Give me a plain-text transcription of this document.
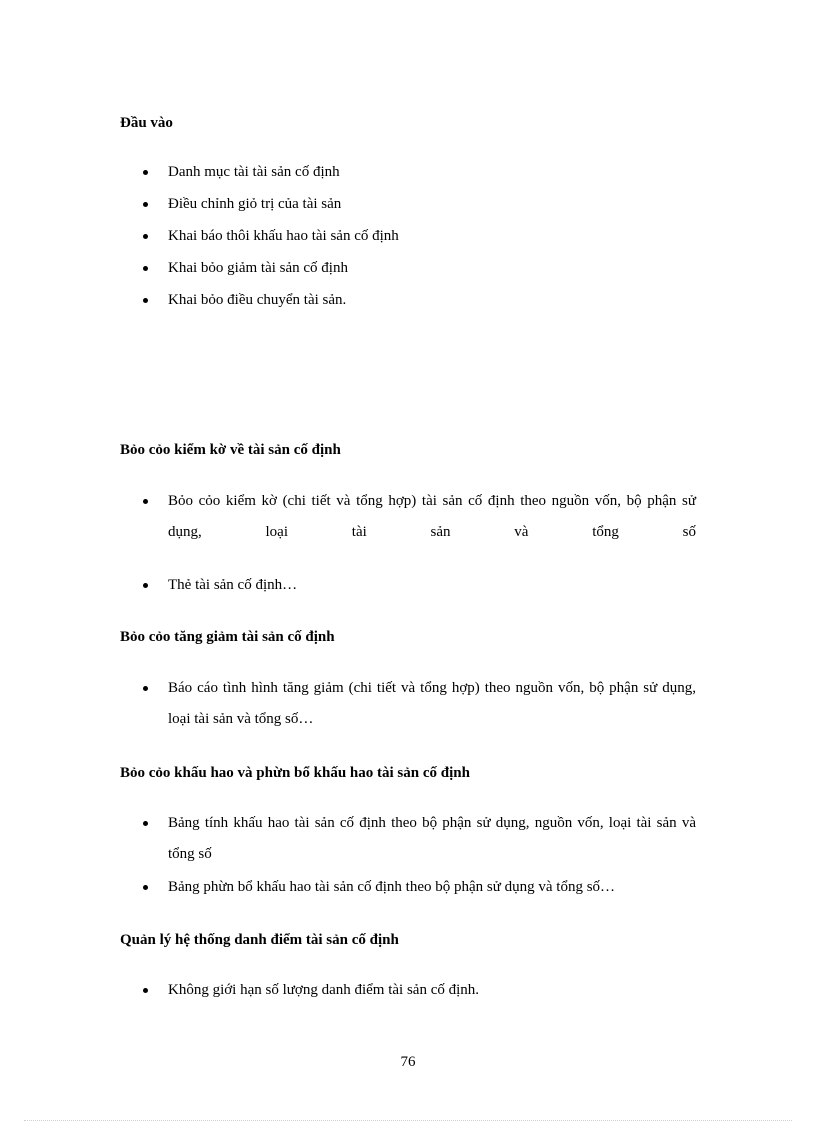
Đầu vào
Danh mục tài tài sản cố định
Điều chỉnh giỏ trị của tài sản
Khai báo thôi khấu hao tài sản cố định
Khai bỏo giảm tài sản cố định
Khai bỏo điều chuyển tài sản.
Bỏo cỏo kiểm kờ về tài sản cố định
Bỏo cỏo kiểm kờ (chi tiết và tổng hợp) tài sản cố định theo nguồn vốn, bộ phận sử dụng, loại tài sản và tổng số
Thẻ tài sản cố định…
Bỏo cỏo tăng giảm tài sản cố định
Báo cáo tình hình tăng giảm (chi tiết và tổng hợp) theo nguồn vốn, bộ phận sử dụng, loại tài sản và tổng số…
Bỏo cỏo khấu hao và phừn bổ khấu hao tài sản cố định
Bảng tính khấu hao tài sản cố định theo bộ phận sử dụng, nguồn vốn, loại tài sản và tổng số
Bảng phừn bổ khấu hao tài sản cố định theo bộ phận sử dụng và tổng số…
Quản lý hệ thống danh điểm tài sản cố định
Không giới hạn số lượng danh điểm tài sản cố định.
76
